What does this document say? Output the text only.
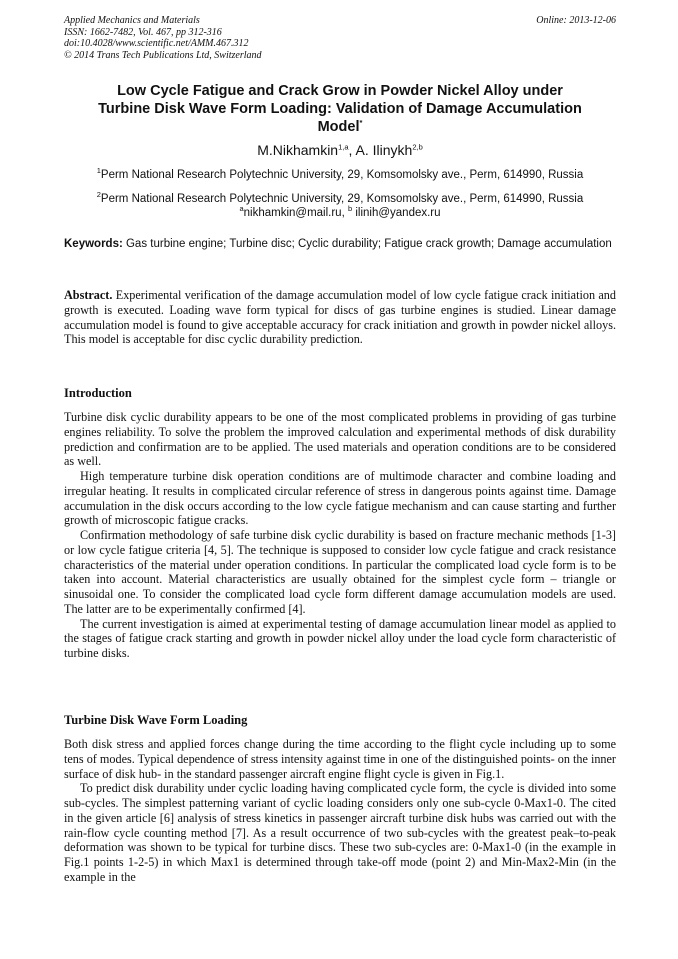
Applied Mechanics and Materials
ISSN: 1662-7482, Vol. 467, pp 312-316
doi:10.4028/www.scientific.net/AMM.467.312
© 2014 Trans Tech Publications Ltd, Switzerland
Online: 2013-12-06
Low Cycle Fatigue and Crack Grow in Powder Nickel Alloy under
Turbine Disk Wave Form Loading: Validation of Damage Accumulation
Model*
M.Nikhamkin$^{1,a}$, A. Ilinykh$^{2,b}$
$^1$Perm National Research Polytechnic University, 29, Komsomolsky ave., Perm, 614990, Russia
$^2$Perm National Research Polytechnic University, 29, Komsomolsky ave., Perm, 614990, Russia
$^a$nikhamkin@mail.ru, $^b$ ilinih@yandex.ru
Keywords: Gas turbine engine; Turbine disc; Cyclic durability; Fatigue crack growth; Damage accumulation

Abstract. Experimental verification of the damage accumulation model of low cycle fatigue crack initiation and growth is executed. Loading wave form typical for discs of gas turbine engines is studied. Linear damage accumulation model is found to give acceptable accuracy for crack initiation and growth in powder nickel alloys. This model is acceptable for disc cyclic durability prediction.

Introduction

Turbine disk cyclic durability appears to be one of the most complicated problems in providing of gas turbine engines reliability. To solve the problem the improved calculation and experimental methods of disk durability prediction and confirmation are to be applied. The used materials and operation conditions are to be considered as well.

High temperature turbine disk operation conditions are of multimode character and combine loading and irregular heating. It results in complicated circular reference of stress in dangerous points against time. Damage accumulation in the disk occurs according to the low cycle fatigue mechanism and can cause starting and further growth of microscopic fatigue cracks.

Confirmation methodology of safe turbine disk cyclic durability is based on fracture mechanic methods [1-3] or low cycle fatigue criteria [4, 5]. The technique is supposed to consider low cycle fatigue and crack resistance characteristics of the material under operation conditions. In particular the complicated load cycle form is to be taken into account. Material characteristics are usually obtained for the simplest cycle form – triangle or sinusoidal one. To consider the complicated load cycle form different damage accumulation models are used. The latter are to be experimentally confirmed [4].

The current investigation is aimed at experimental testing of damage accumulation linear model as applied to the stages of fatigue crack starting and growth in powder nickel alloy under the load cycle form characteristic of turbine disks.

Turbine Disk Wave Form Loading

Both disk stress and applied forces change during the time according to the flight cycle including up to some tens of modes. Typical dependence of stress intensity against time in one of the distinguished points- on the inner surface of disk hub- in the standard passenger aircraft engine flight cycle is given in Fig.1.

To predict disk durability under cyclic loading having complicated cycle form, the cycle is divided into some sub-cycles. The simplest patterning variant of cyclic loading considers only one sub-cycle 0-Max1-0. The cited in the given article [6] analysis of stress kinetics in passenger aircraft turbine disk hubs was carried out with the rain-flow cycle counting method [7]. As a result occurrence of two sub-cycles with the greatest peak–to-peak deformation was shown to be typical for turbine discs. These two sub-cycles are: 0-Max1-0 (in the example in Fig.1 points 1-2-5) in which Max1 is determined through take-off mode (point 2) and Min-Max2-Min (in the example in the
